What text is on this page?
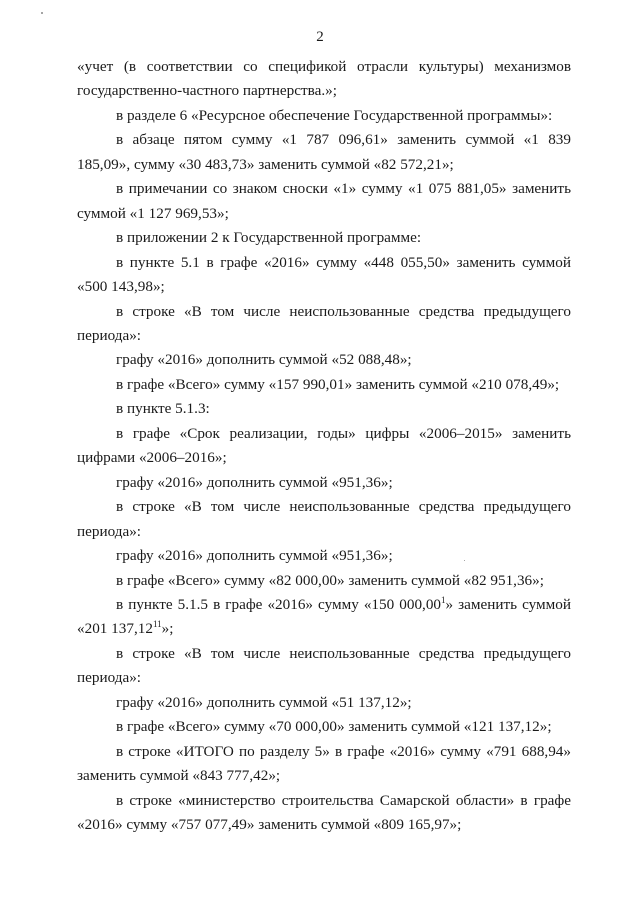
2

«учет (в соответствии со спецификой отрасли культуры) механизмов государственно-частного партнерства.»;

в разделе 6 «Ресурсное обеспечение Государственной программы»:

в абзаце пятом сумму «1 787 096,61» заменить суммой «1 839 185,09», сумму «30 483,73» заменить суммой «82 572,21»;

в примечании со знаком сноски «1» сумму «1 075 881,05» заменить суммой «1 127 969,53»;

в приложении 2 к Государственной программе:

в пункте 5.1 в графе «2016» сумму «448 055,50» заменить суммой «500 143,98»;

в строке «В том числе неиспользованные средства предыдущего периода»:

графу «2016» дополнить суммой «52 088,48»;

в графе «Всего» сумму «157 990,01» заменить суммой «210 078,49»;

в пункте 5.1.3:

в графе «Срок реализации, годы» цифры «2006–2015» заменить цифрами «2006–2016»;

графу «2016» дополнить суммой «951,36»;

в строке «В том числе неиспользованные средства предыдущего периода»:

графу «2016» дополнить суммой «951,36»;

в графе «Всего» сумму «82 000,00» заменить суммой «82 951,36»;

в пункте 5.1.5 в графе «2016» сумму «150 000,00$^1$» заменить суммой «201 137,12$^{11}$»;

в строке «В том числе неиспользованные средства предыдущего периода»:

графу «2016» дополнить суммой «51 137,12»;

в графе «Всего» сумму «70 000,00» заменить суммой «121 137,12»;

в строке «ИТОГО по разделу 5» в графе «2016» сумму «791 688,94» заменить суммой «843 777,42»;

в строке «министерство строительства Самарской области» в графе «2016» сумму «757 077,49» заменить суммой «809 165,97»;
